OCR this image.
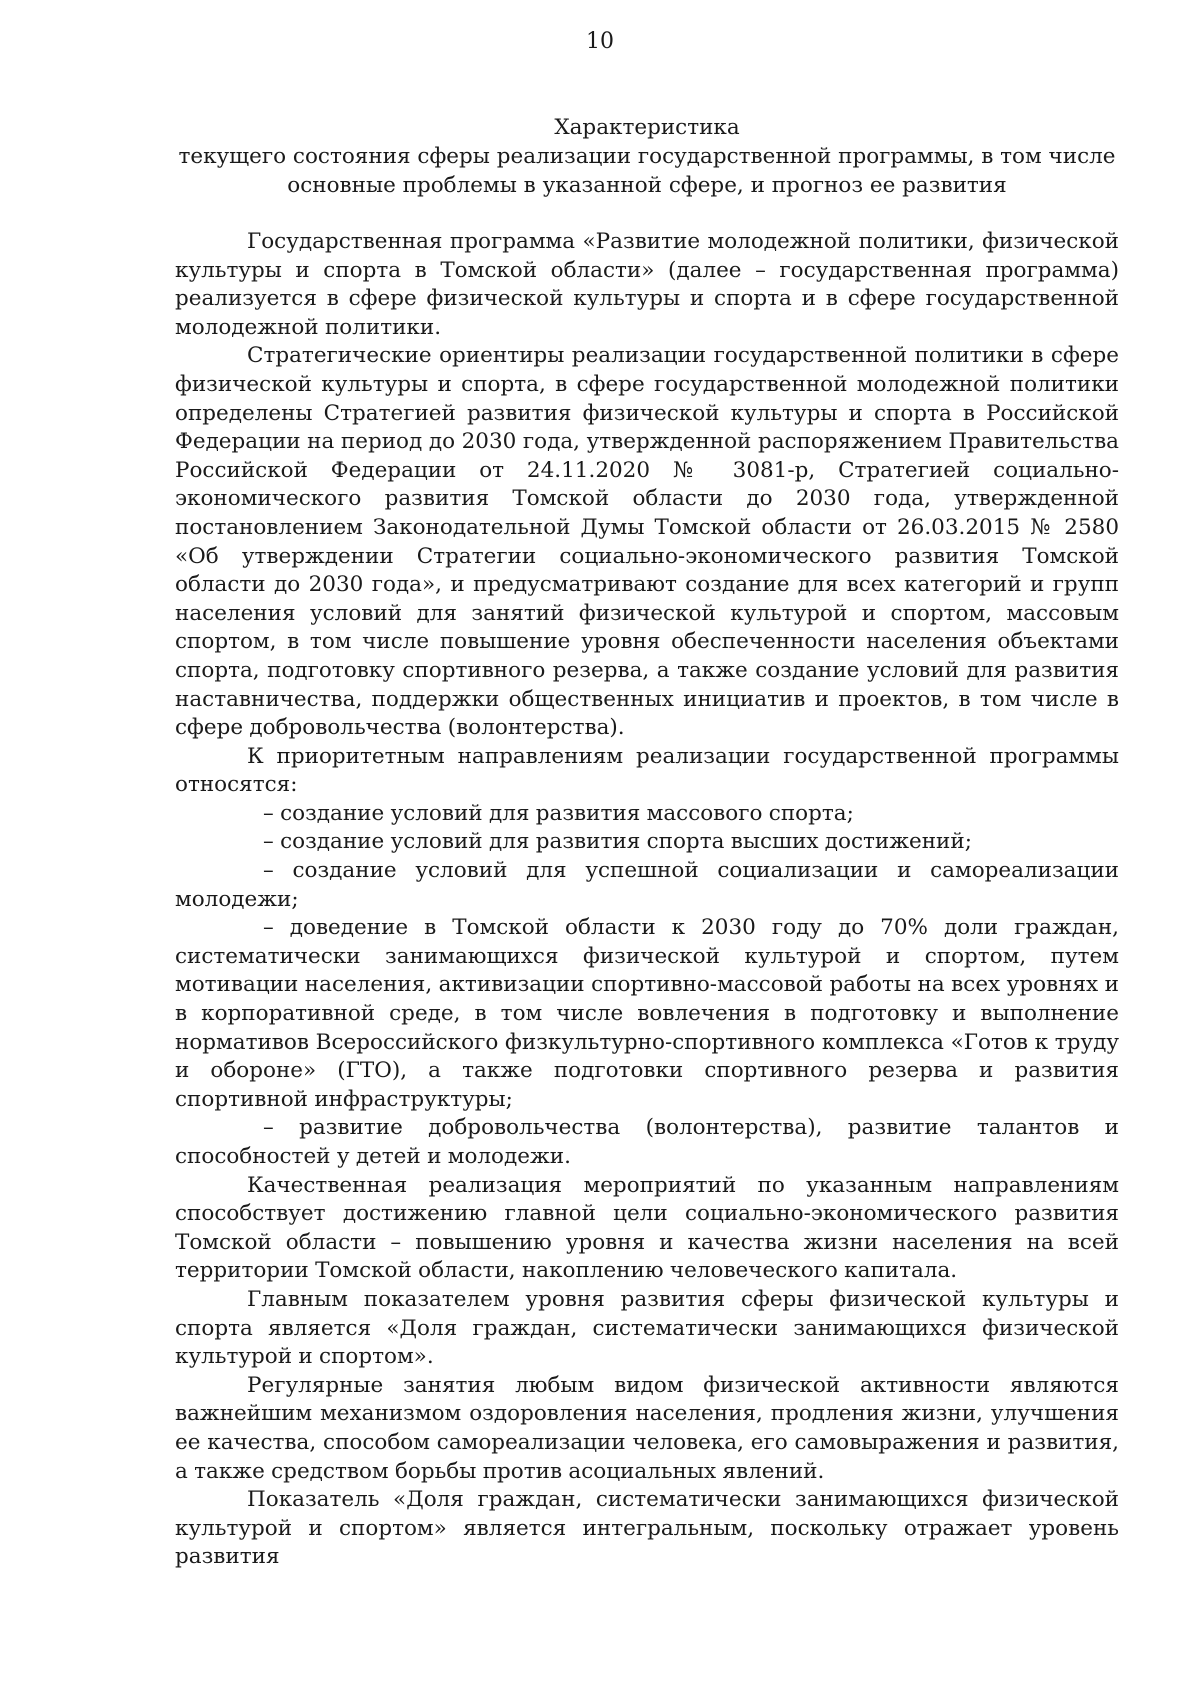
10
Характеристика
текущего состояния сферы реализации государственной программы, в том числе
основные проблемы в указанной сфере, и прогноз ее развития

Государственная программа «Развитие молодежной политики, физической культуры и спорта в Томской области» (далее – государственная программа) реализуется в сфере физической культуры и спорта и в сфере государственной молодежной политики.

Стратегические ориентиры реализации государственной политики в сфере физической культуры и спорта, в сфере государственной молодежной политики определены Стратегией развития физической культуры и спорта в Российской Федерации на период до 2030 года, утвержденной распоряжением Правительства Российской Федерации от 24.11.2020 № 3081-р, Стратегией социально-экономического развития Томской области до 2030 года, утвержденной постановлением Законодательной Думы Томской области от 26.03.2015 № 2580 «Об утверждении Стратегии социально-экономического развития Томской области до 2030 года», и предусматривают создание для всех категорий и групп населения условий для занятий физической культурой и спортом, массовым спортом, в том числе повышение уровня обеспеченности населения объектами спорта, подготовку спортивного резерва, а также создание условий для развития наставничества, поддержки общественных инициатив и проектов, в том числе в сфере добровольчества (волонтерства).

К приоритетным направлениям реализации государственной программы относятся:

– создание условий для развития массового спорта;

– создание условий для развития спорта высших достижений;

– создание условий для успешной социализации и самореализации молодежи;

– доведение в Томской области к 2030 году до 70% доли граждан, систематически занимающихся физической культурой и спортом, путем мотивации населения, активизации спортивно-массовой работы на всех уровнях и в корпоративной среде, в том числе вовлечения в подготовку и выполнение нормативов Всероссийского физкультурно-спортивного комплекса «Готов к труду и обороне» (ГТО), а также подготовки спортивного резерва и развития спортивной инфраструктуры;

– развитие добровольчества (волонтерства), развитие талантов и способностей у детей и молодежи.

Качественная реализация мероприятий по указанным направлениям способствует достижению главной цели социально-экономического развития Томской области – повышению уровня и качества жизни населения на всей территории Томской области, накоплению человеческого капитала.

Главным показателем уровня развития сферы физической культуры и спорта является «Доля граждан, систематически занимающихся физической культурой и спортом».

Регулярные занятия любым видом физической активности являются важнейшим механизмом оздоровления населения, продления жизни, улучшения ее качества, способом самореализации человека, его самовыражения и развития, а также средством борьбы против асоциальных явлений.

Показатель «Доля граждан, систематически занимающихся физической культурой и спортом» является интегральным, поскольку отражает уровень развития
